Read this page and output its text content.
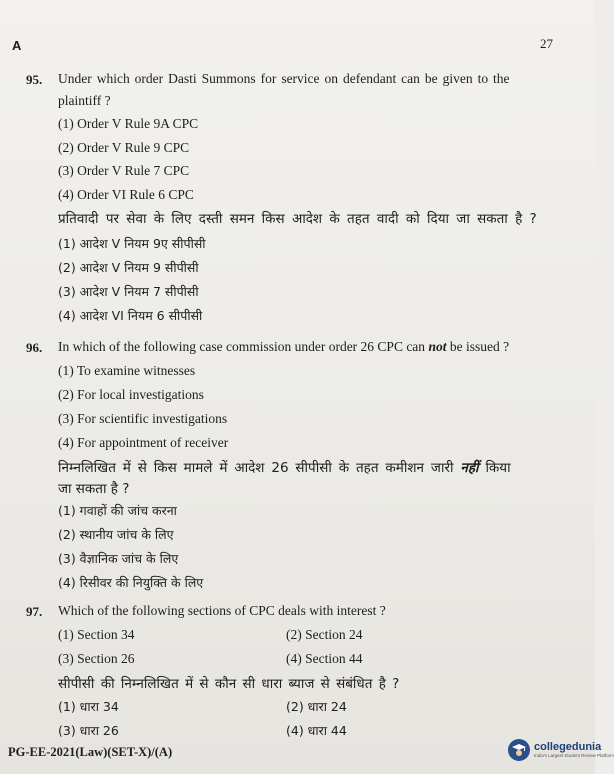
A	27
95. Under which order Dasti Summons for service on defendant can be given to the
plaintiff ?
(1) Order V Rule 9A CPC
(2) Order V Rule 9 CPC
(3) Order V Rule 7 CPC
(4) Order VI Rule 6 CPC
प्रतिवादी पर सेवा के लिए दस्ती समन किस आदेश के तहत वादी को दिया जा सकता है ?
(1) आदेश V नियम 9ए सीपीसी
(2) आदेश V नियम 9 सीपीसी
(3) आदेश V नियम 7 सीपीसी
(4) आदेश VI नियम 6 सीपीसी
96. In which of the following case commission under order 26 CPC can not be issued ?
(1) To examine witnesses
(2) For local investigations
(3) For scientific investigations
(4) For appointment of receiver
निम्नलिखित में से किस मामले में आदेश 26 सीपीसी के तहत कमीशन जारी नहीं किया
जा सकता है ?
(1) गवाहों की जांच करना
(2) स्थानीय जांच के लिए
(3) वैज्ञानिक जांच के लिए
(4) रिसीवर की नियुक्ति के लिए
97. Which of the following sections of CPC deals with interest ?
(1) Section 34	(2) Section 24
(3) Section 26	(4) Section 44
सीपीसी की निम्नलिखित में से कौन सी धारा ब्याज से संबंधित है ?
(1) धारा 34	(2) धारा 24
(3) धारा 26	(4) धारा 44
PG-EE-2021(Law)(SET-X)/(A)	collegedunia
India's Largest Student Review Platform
